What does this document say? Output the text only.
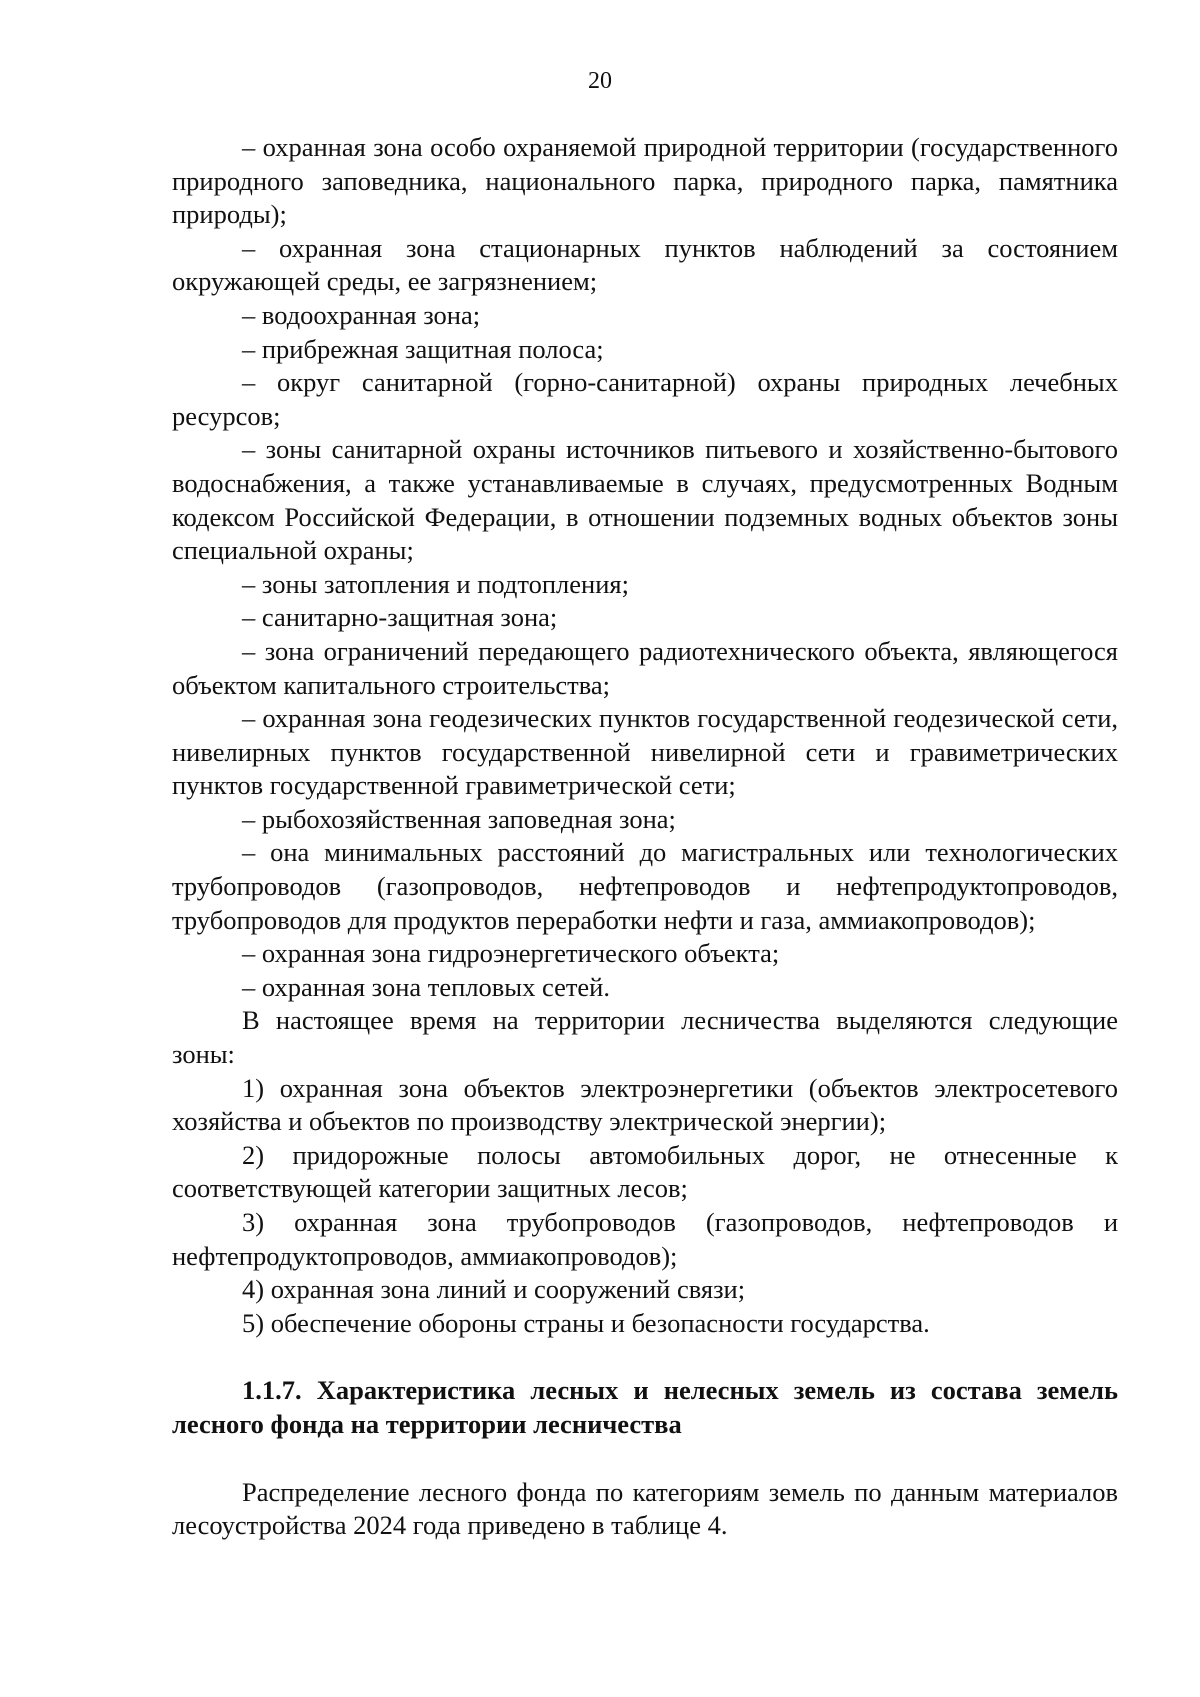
20

– охранная зона особо охраняемой природной территории (государственного природного заповедника, национального парка, природного парка, памятника природы);

– охранная зона стационарных пунктов наблюдений за состоянием окружающей среды, ее загрязнением;

– водоохранная зона;

– прибрежная защитная полоса;

– округ санитарной (горно-санитарной) охраны природных лечебных ресурсов;

– зоны санитарной охраны источников питьевого и хозяйственно-бытового водоснабжения, а также устанавливаемые в случаях, предусмотренных Водным кодексом Российской Федерации, в отношении подземных водных объектов зоны специальной охраны;

– зоны затопления и подтопления;

– санитарно-защитная зона;

– зона ограничений передающего радиотехнического объекта, являющегося объектом капитального строительства;

– охранная зона геодезических пунктов государственной геодезической сети, нивелирных пунктов государственной нивелирной сети и гравиметрических пунктов государственной гравиметрической сети;

– рыбохозяйственная заповедная зона;

– она минимальных расстояний до магистральных или технологических трубопроводов (газопроводов, нефтепроводов и нефтепродуктопроводов, трубопроводов для продуктов переработки нефти и газа, аммиакопроводов);

– охранная зона гидроэнергетического объекта;

– охранная зона тепловых сетей.

В настоящее время на территории лесничества выделяются следующие зоны:

1) охранная зона объектов электроэнергетики (объектов электросетевого хозяйства и объектов по производству электрической энергии);

2) придорожные полосы автомобильных дорог, не отнесенные к соответствующей категории защитных лесов;

3) охранная зона трубопроводов (газопроводов, нефтепроводов и нефтепродуктопроводов, аммиакопроводов);

4) охранная зона линий и сооружений связи;

5) обеспечение обороны страны и безопасности государства.

1.1.7. Характеристика лесных и нелесных земель из состава земель лесного фонда на территории лесничества

Распределение лесного фонда по категориям земель по данным материалов лесоустройства 2024 года приведено в таблице 4.
